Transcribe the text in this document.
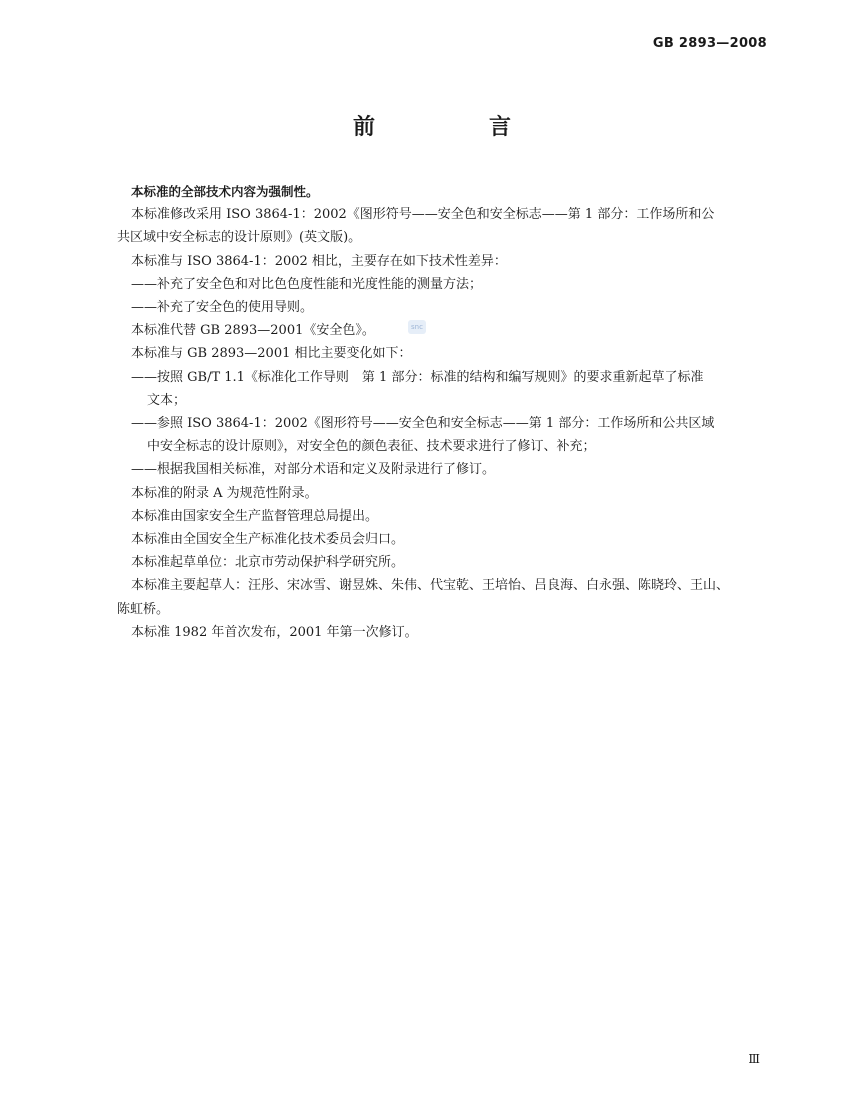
GB 2893—2008
前　言
snc

本标准的全部技术内容为强制性。

本标准修改采用 ISO 3864-1：2002《图形符号——安全色和安全标志——第 1 部分：工作场所和公

共区域中安全标志的设计原则》(英文版)。

本标准与 ISO 3864-1：2002 相比，主要存在如下技术性差异：

——补充了安全色和对比色色度性能和光度性能的测量方法；

——补充了安全色的使用导则。

本标准代替 GB 2893—2001《安全色》。

本标准与 GB 2893—2001 相比主要变化如下：

——按照 GB/T 1.1《标准化工作导则　第 1 部分：标准的结构和编写规则》的要求重新起草了标准

文本；

——参照 ISO 3864-1：2002《图形符号——安全色和安全标志——第 1 部分：工作场所和公共区域

中安全标志的设计原则》，对安全色的颜色表征、技术要求进行了修订、补充；

——根据我国相关标准，对部分术语和定义及附录进行了修订。

本标准的附录 A 为规范性附录。

本标准由国家安全生产监督管理总局提出。

本标准由全国安全生产标准化技术委员会归口。

本标准起草单位：北京市劳动保护科学研究所。

本标准主要起草人：汪彤、宋冰雪、谢昱姝、朱伟、代宝乾、王培怡、吕良海、白永强、陈晓玲、王山、

陈虹桥。

本标准 1982 年首次发布，2001 年第一次修订。

Ⅲ
